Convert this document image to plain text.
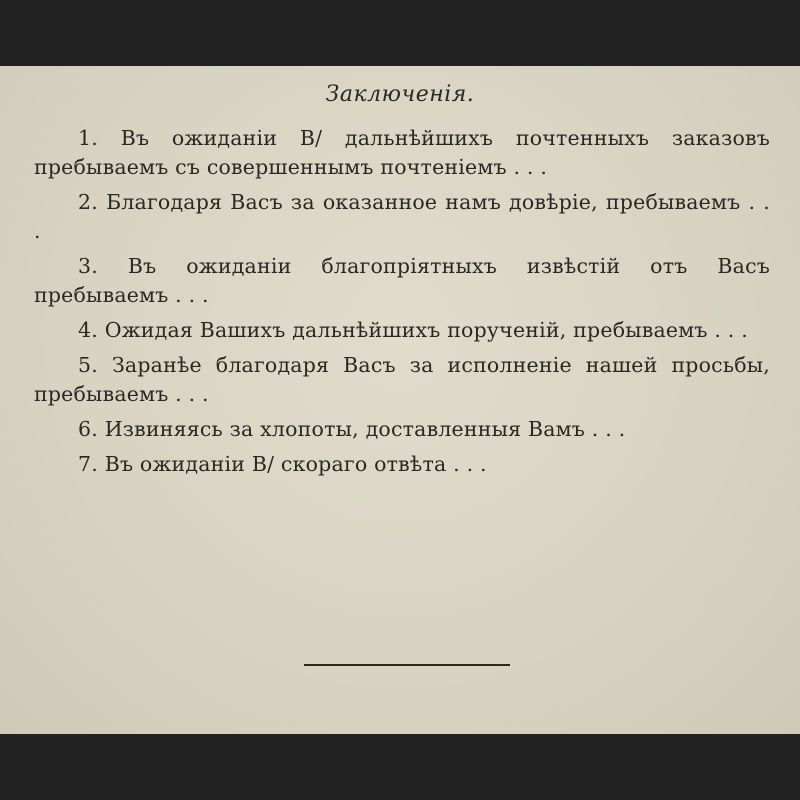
Заключенія.

1. Въ ожиданіи В/ дальнѣйшихъ почтенныхъ заказовъ пребываемъ съ совершеннымъ почтеніемъ . . .

2. Благодаря Васъ за оказанное намъ довѣріе, пребываемъ . . .

3. Въ ожиданіи благопріятныхъ извѣстій отъ Васъ пребываемъ . . .

4. Ожидая Вашихъ дальнѣйшихъ порученій, пребываемъ . . .

5. Заранѣе благодаря Васъ за исполненіе нашей просьбы, пребываемъ . . .

6. Извиняясь за хлопоты, доставленныя Вамъ . . .

7. Въ ожиданіи В/ скораго отвѣта . . .
